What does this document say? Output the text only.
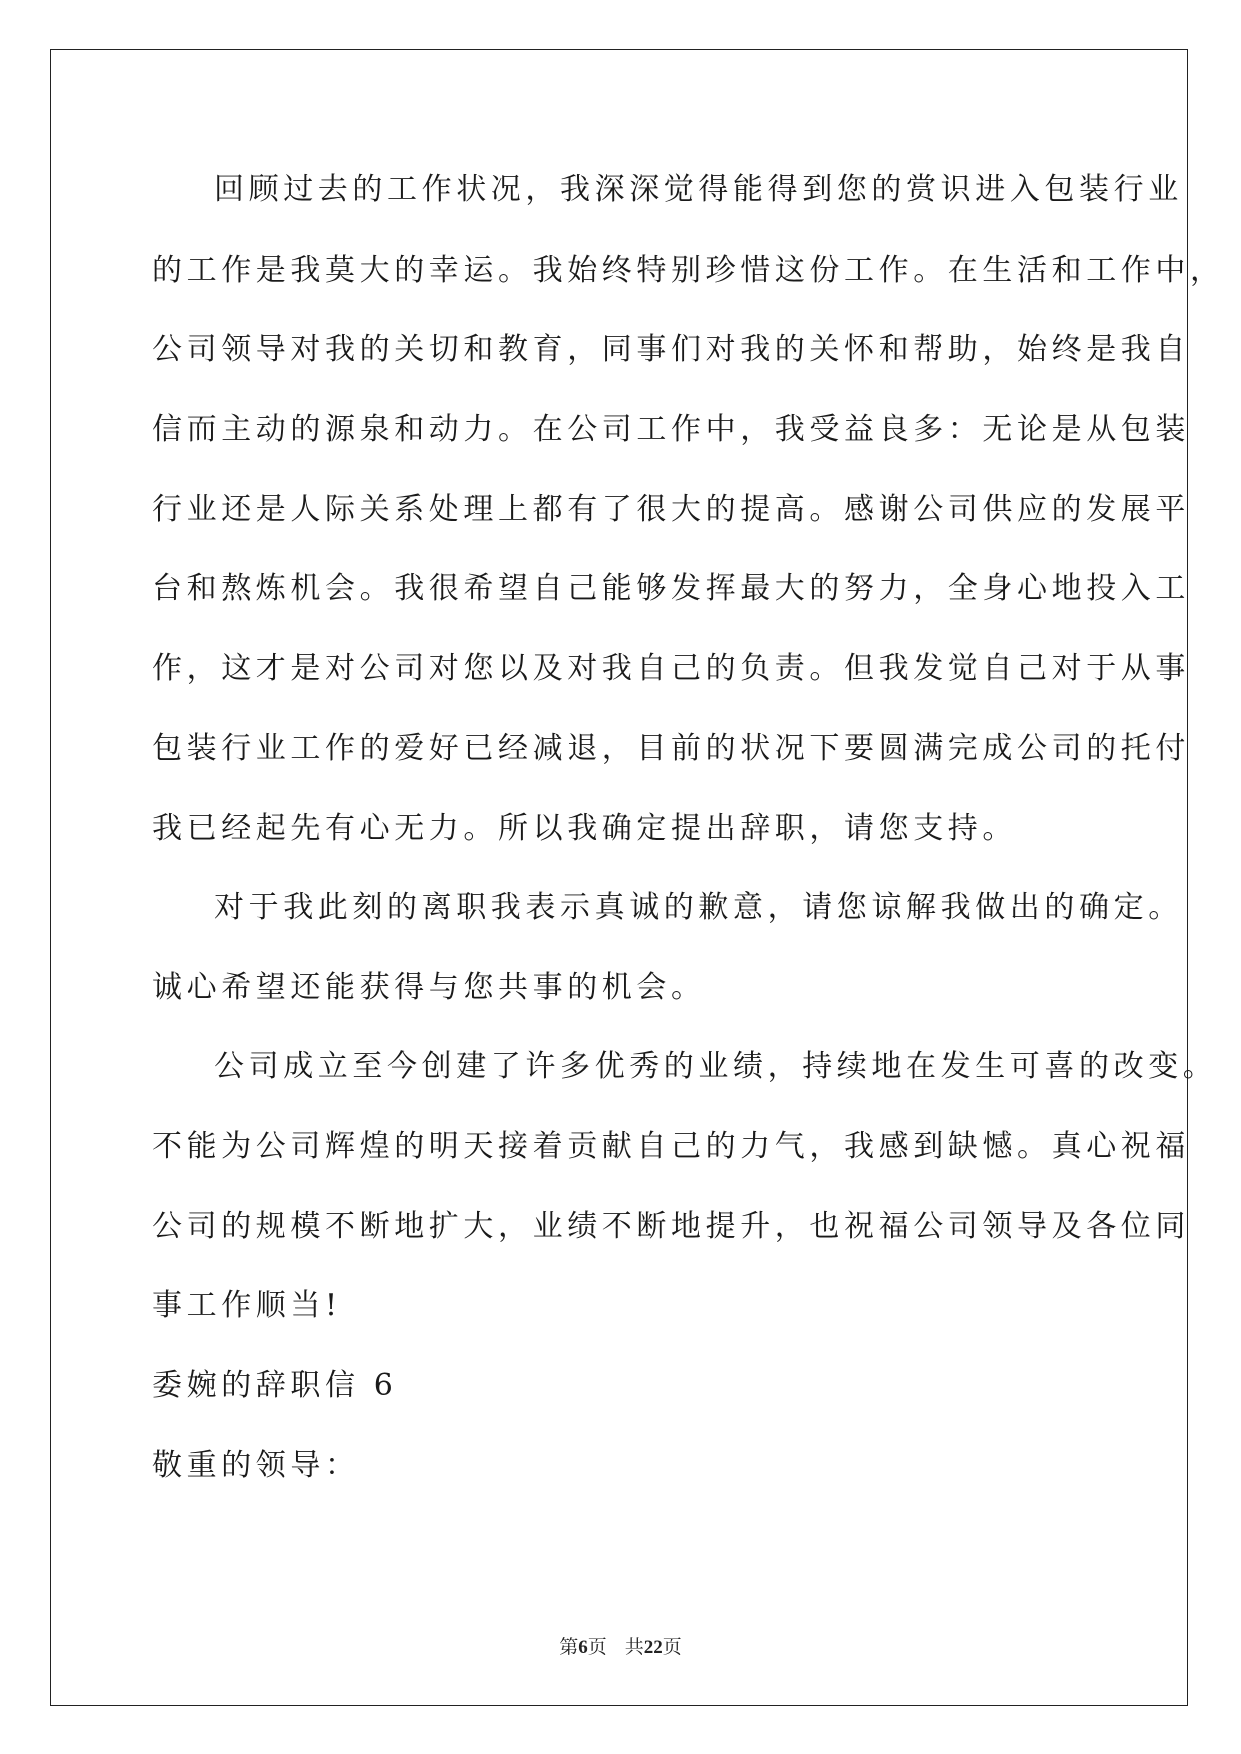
回顾过去的工作状况，我深深觉得能得到您的赏识进入包装行业
的工作是我莫大的幸运。我始终特别珍惜这份工作。在生活和工作中，
公司领导对我的关切和教育，同事们对我的关怀和帮助，始终是我自
信而主动的源泉和动力。在公司工作中，我受益良多：无论是从包装
行业还是人际关系处理上都有了很大的提高。感谢公司供应的发展平
台和熬炼机会。我很希望自己能够发挥最大的努力，全身心地投入工
作，这才是对公司对您以及对我自己的负责。但我发觉自己对于从事
包装行业工作的爱好已经减退，目前的状况下要圆满完成公司的托付
我已经起先有心无力。所以我确定提出辞职，请您支持。
对于我此刻的离职我表示真诚的歉意，请您谅解我做出的确定。
诚心希望还能获得与您共事的机会。
公司成立至今创建了许多优秀的业绩，持续地在发生可喜的改变。
不能为公司辉煌的明天接着贡献自己的力气，我感到缺憾。真心祝福
公司的规模不断地扩大，业绩不断地提升，也祝福公司领导及各位同
事工作顺当!
委婉的辞职信 6
敬重的领导：
第6页 共22页
